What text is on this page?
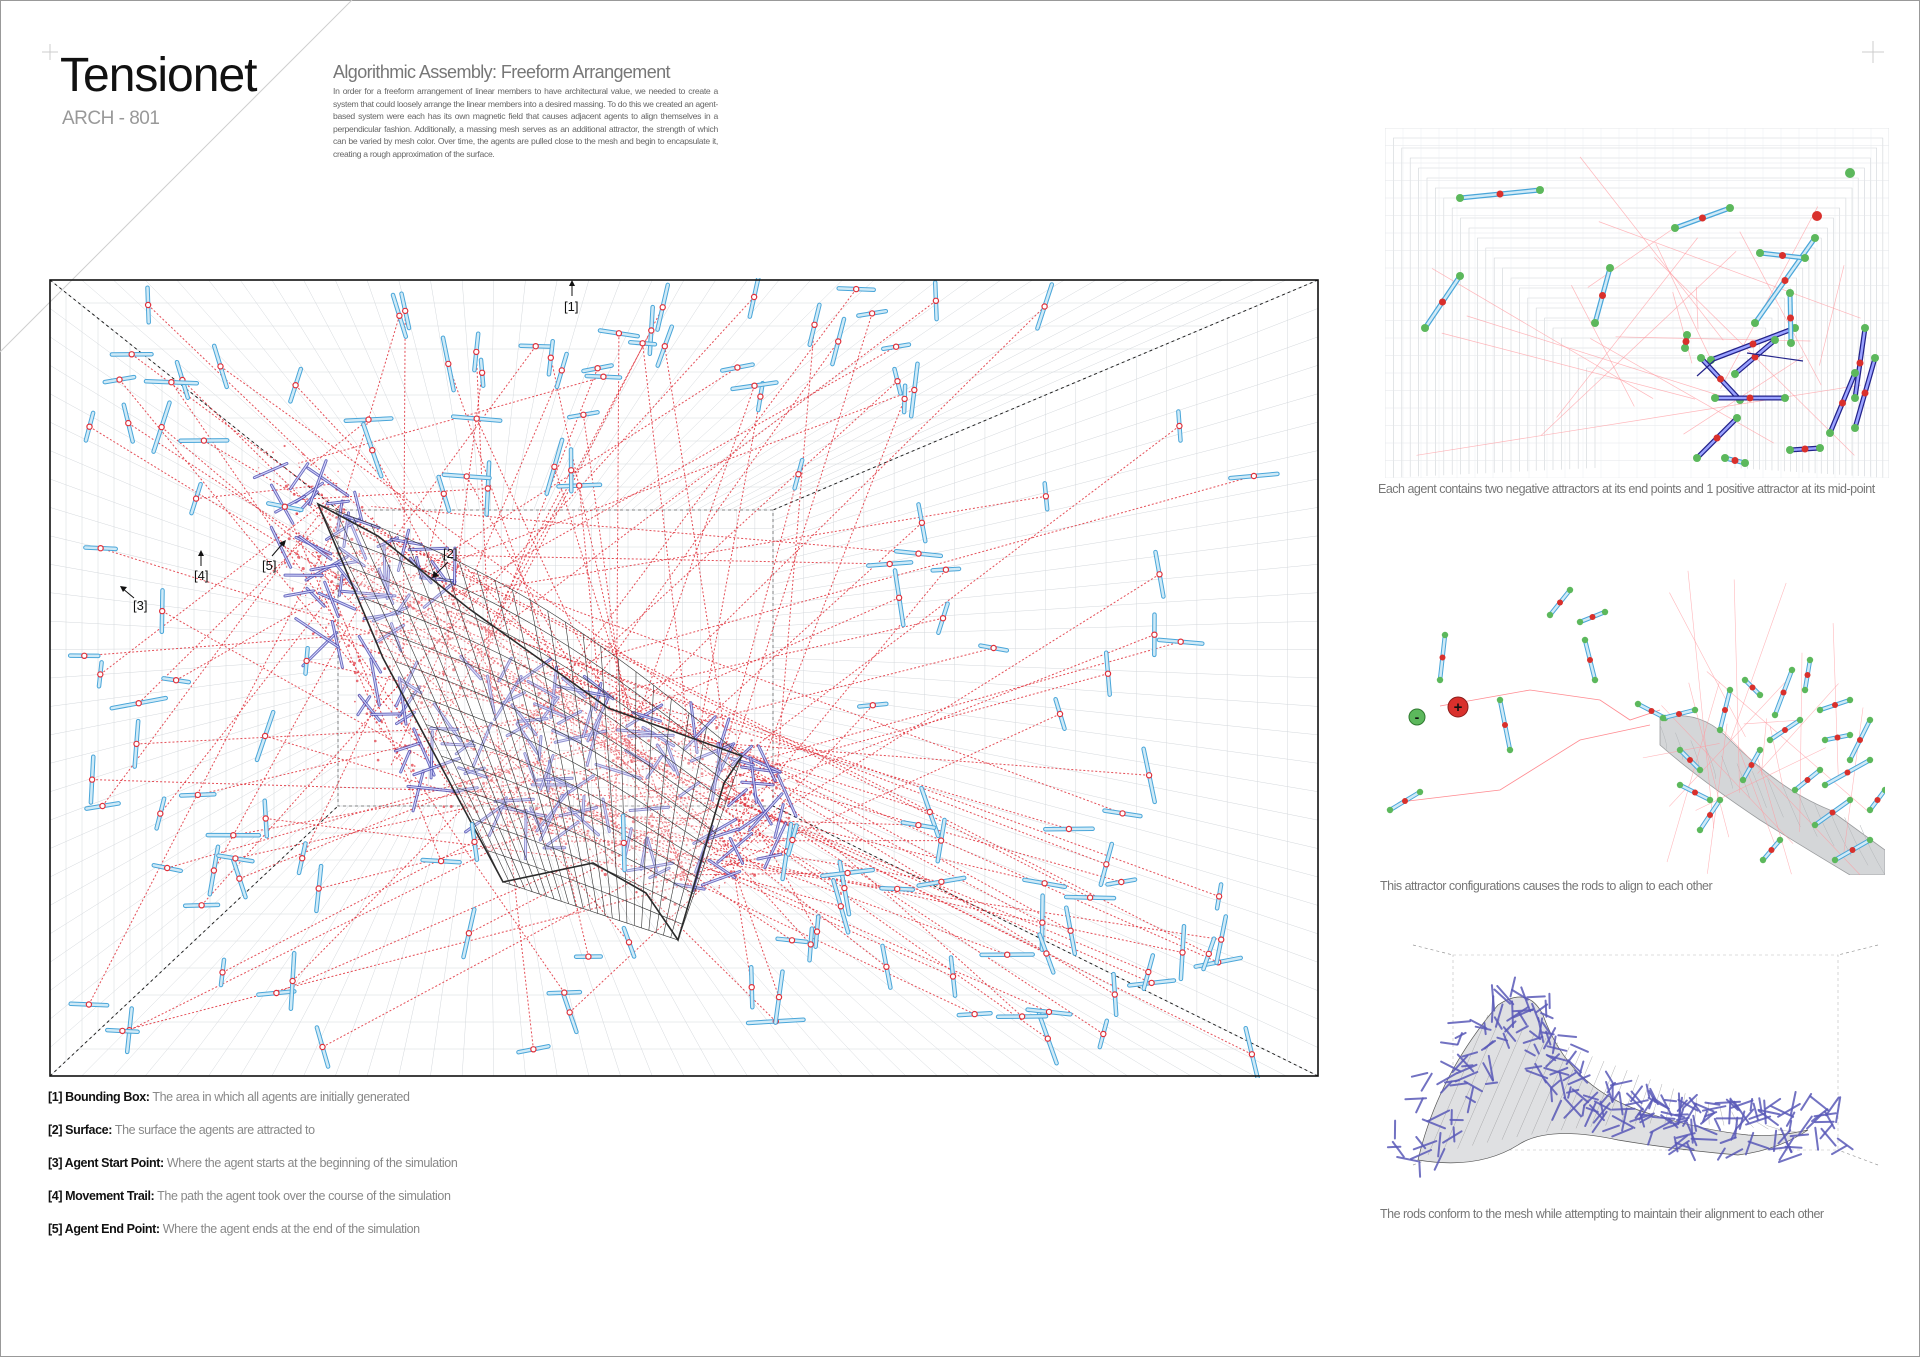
Tensionet
ARCH - 801
Algorithmic Assembly: Freeform Arrangement
In order for a freeform arrangement of linear members to have architectural value, we needed to create a system that could loosely arrange the linear members into a desired massing. To do this we created an agent-based system were each has its own magnetic field that causes adjacent agents to align themselves in a perpendicular fashion. Additionally, a massing mesh serves as an additional attractor, the strength of which can be varied by mesh color. Over time, the agents are pulled close to the mesh and begin to encapsulate it, creating a rough approximation of the surface.
[1]
[2]
[3]
[4]
[5]
[1] Bounding Box: The area in which all agents are initially generated
[2] Surface: The surface the agents are attracted to
[3] Agent Start Point: Where the agent starts at the beginning of the simulation
[4] Movement Trail: The path the agent took over the course of the simulation
[5] Agent End Point: Where the agent ends at the end of the simulation
Each agent contains two negative attractors at its end points and 1 positive attractor at its mid-point
-
+
This attractor configurations causes the rods to align to each other
The rods conform to the mesh while attempting to maintain their alignment to each other
